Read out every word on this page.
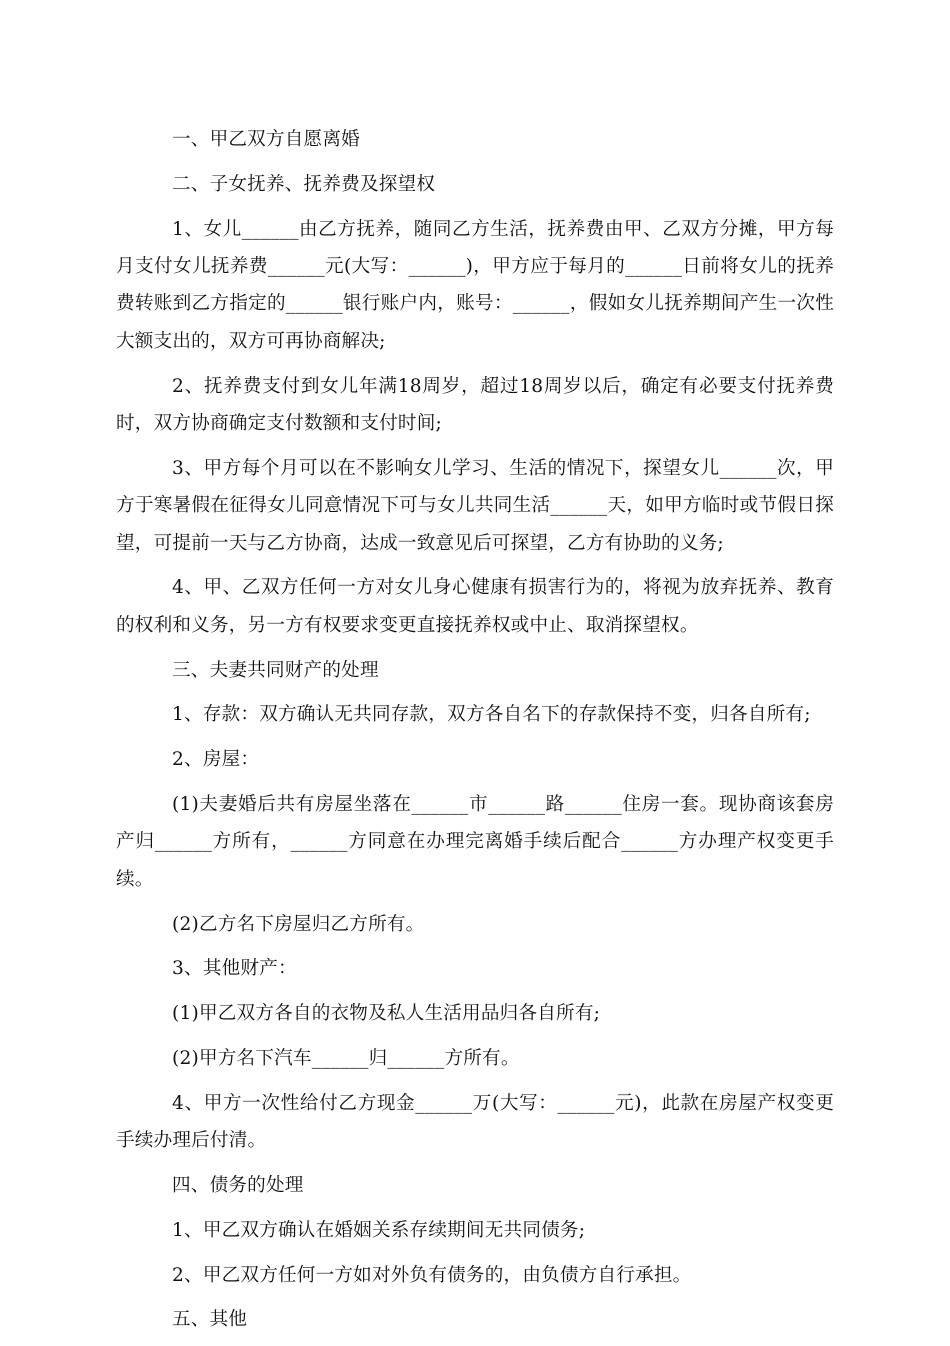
一、甲乙双方自愿离婚

二、子女抚养、抚养费及探望权

1、女儿______由乙方抚养，随同乙方生活，抚养费由甲、乙双方分摊，甲方每月支付女儿抚养费______元(大写：______)，甲方应于每月的______日前将女儿的抚养费转账到乙方指定的______银行账户内，账号：______，假如女儿抚养期间产生一次性大额支出的，双方可再协商解决;

2、抚养费支付到女儿年满18周岁，超过18周岁以后，确定有必要支付抚养费时，双方协商确定支付数额和支付时间;

3、甲方每个月可以在不影响女儿学习、生活的情况下，探望女儿______次，甲方于寒暑假在征得女儿同意情况下可与女儿共同生活______天，如甲方临时或节假日探望，可提前一天与乙方协商，达成一致意见后可探望，乙方有协助的义务;

4、甲、乙双方任何一方对女儿身心健康有损害行为的，将视为放弃抚养、教育的权利和义务，另一方有权要求变更直接抚养权或中止、取消探望权。

三、夫妻共同财产的处理

1、存款：双方确认无共同存款，双方各自名下的存款保持不变，归各自所有;

2、房屋：

(1)夫妻婚后共有房屋坐落在______市______路______住房一套。现协商该套房产归______方所有，______方同意在办理完离婚手续后配合______方办理产权变更手续。

(2)乙方名下房屋归乙方所有。

3、其他财产：

(1)甲乙双方各自的衣物及私人生活用品归各自所有;

(2)甲方名下汽车______归______方所有。

4、甲方一次性给付乙方现金______万(大写：______元)，此款在房屋产权变更手续办理后付清。

四、债务的处理

1、甲乙双方确认在婚姻关系存续期间无共同债务;

2、甲乙双方任何一方如对外负有债务的，由负债方自行承担。

五、其他
